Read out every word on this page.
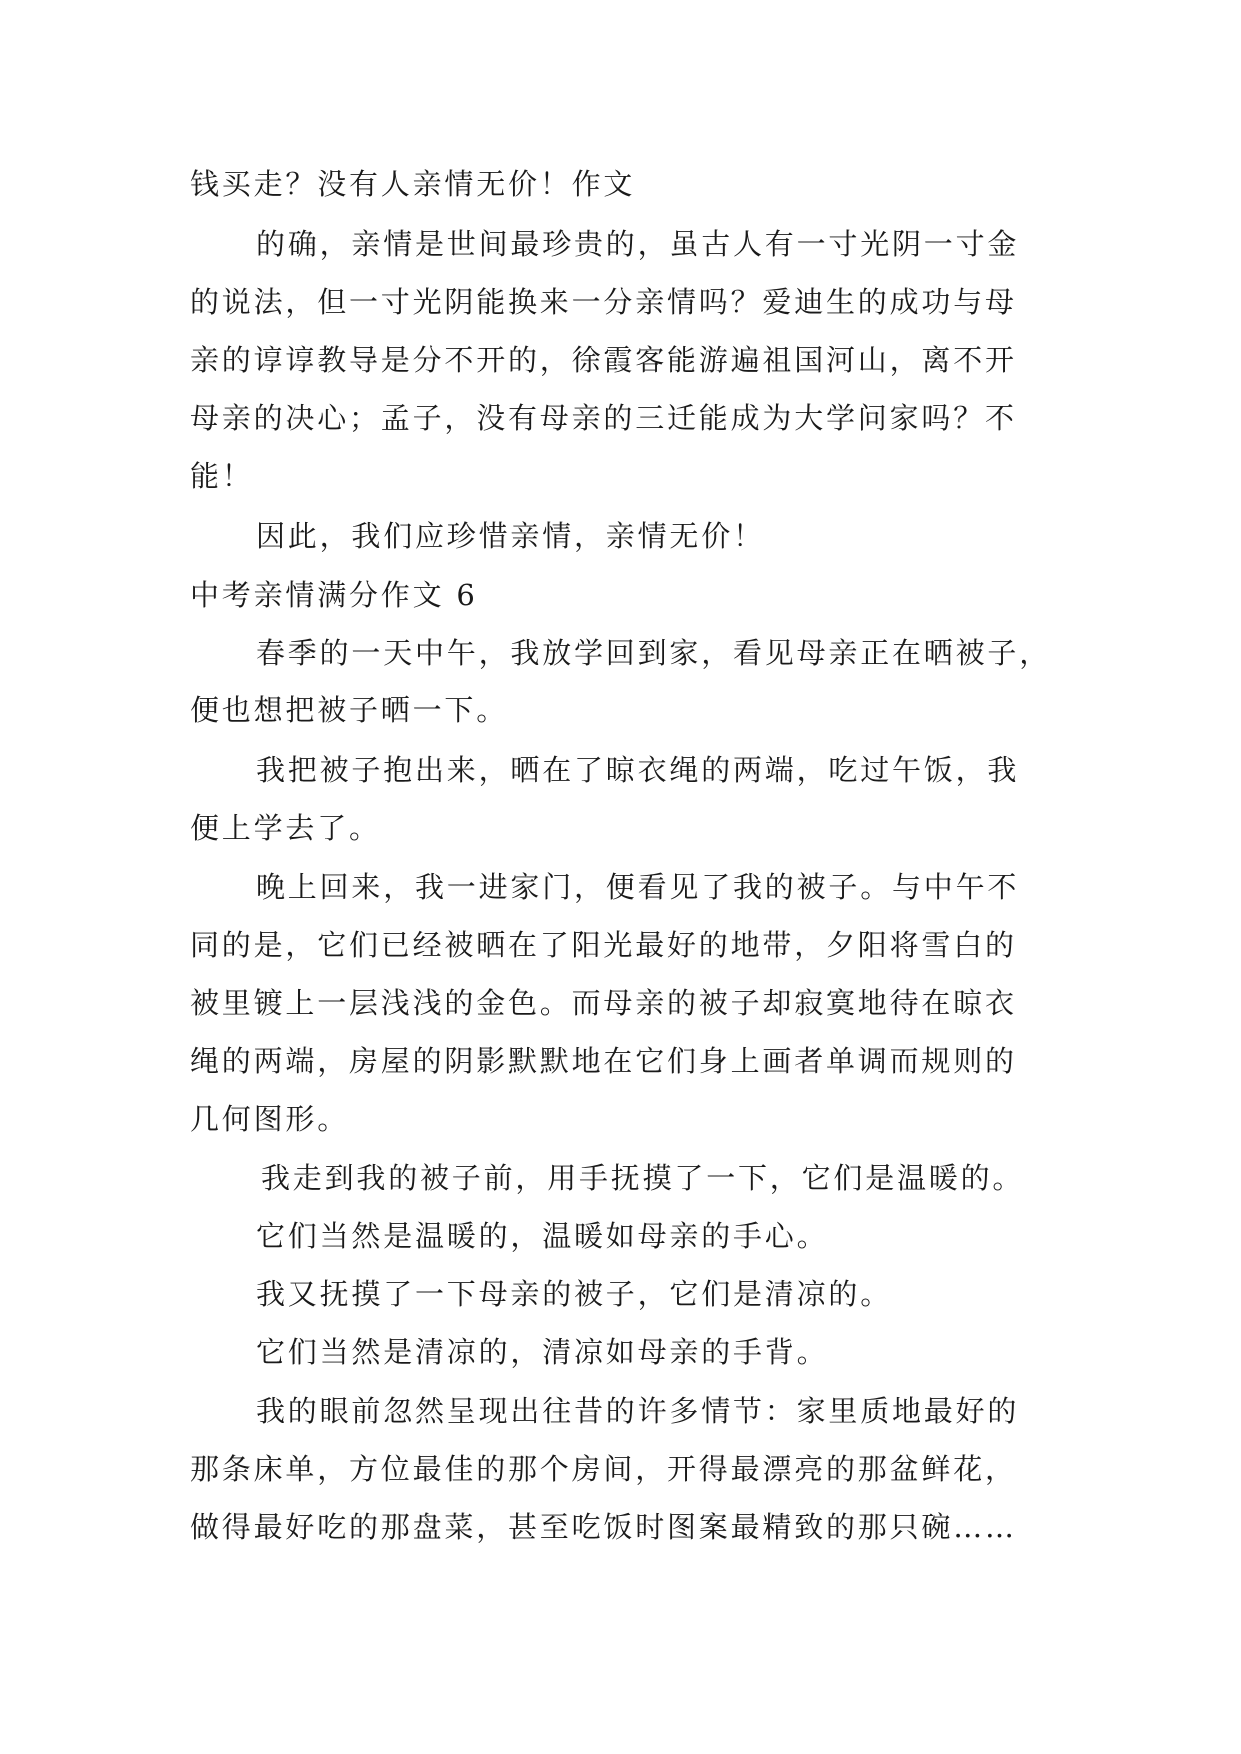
钱买走？没有人亲情无价！作文
的确，亲情是世间最珍贵的，虽古人有一寸光阴一寸金
的说法，但一寸光阴能换来一分亲情吗？爱迪生的成功与母
亲的谆谆教导是分不开的，徐霞客能游遍祖国河山，离不开
母亲的决心；孟子，没有母亲的三迁能成为大学问家吗？不
能！
因此，我们应珍惜亲情，亲情无价！
中考亲情满分作文 6
春季的一天中午，我放学回到家，看见母亲正在晒被子，
便也想把被子晒一下。
我把被子抱出来，晒在了晾衣绳的两端，吃过午饭，我
便上学去了。
晚上回来，我一进家门，便看见了我的被子。与中午不
同的是，它们已经被晒在了阳光最好的地带，夕阳将雪白的
被里镀上一层浅浅的金色。而母亲的被子却寂寞地待在晾衣
绳的两端，房屋的阴影默默地在它们身上画者单调而规则的
几何图形。
我走到我的被子前，用手抚摸了一下，它们是温暖的。
它们当然是温暖的，温暖如母亲的手心。
我又抚摸了一下母亲的被子，它们是清凉的。
它们当然是清凉的，清凉如母亲的手背。
我的眼前忽然呈现出往昔的许多情节：家里质地最好的
那条床单，方位最佳的那个房间，开得最漂亮的那盆鲜花，
做得最好吃的那盘菜，甚至吃饭时图案最精致的那只碗……
